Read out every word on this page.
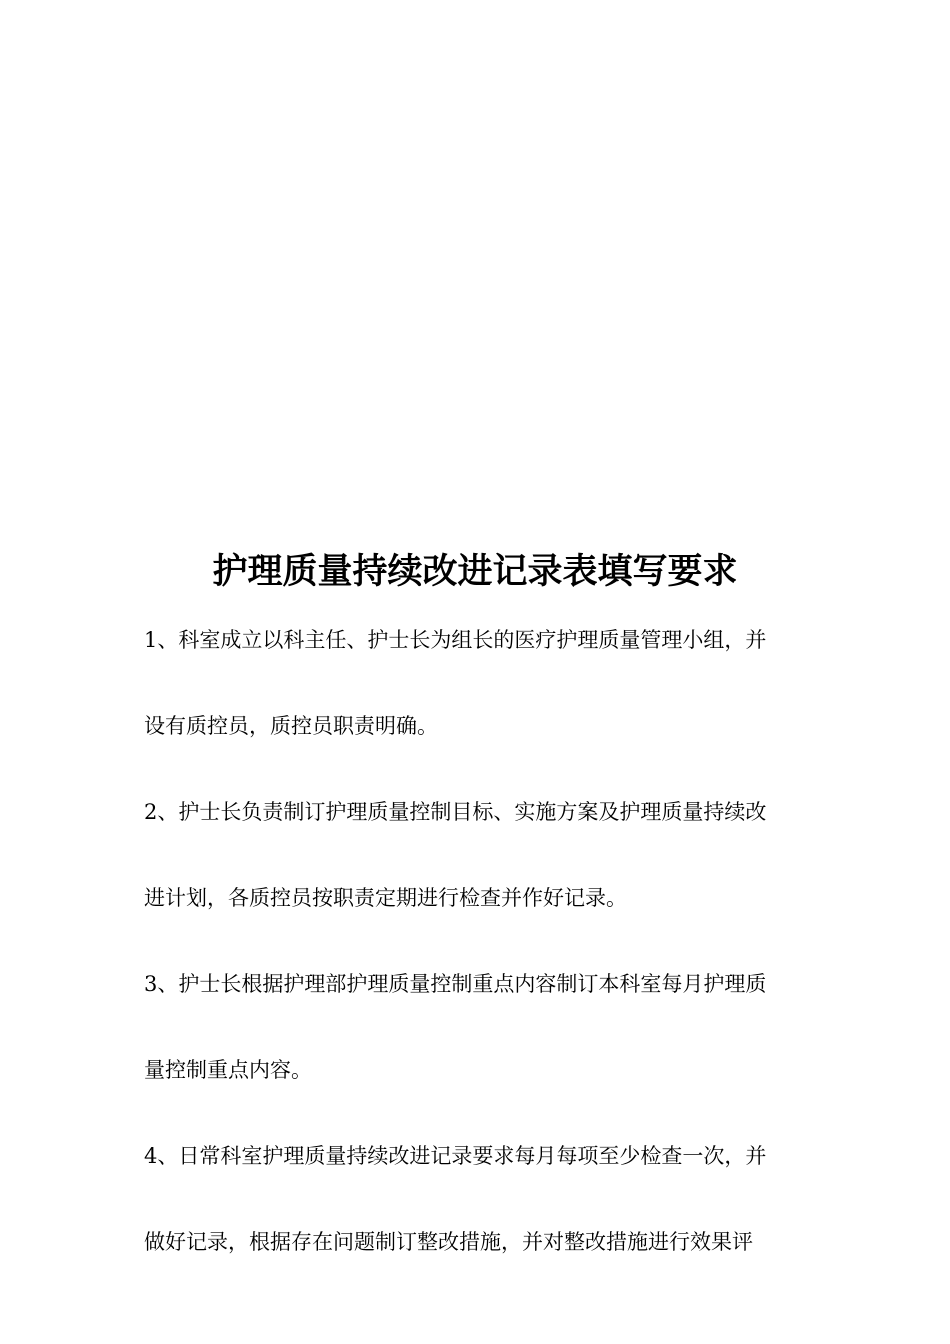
护理质量持续改进记录表填写要求
1、科室成立以科主任、护士长为组长的医疗护理质量管理小组，并
设有质控员，质控员职责明确。
2、护士长负责制订护理质量控制目标、实施方案及护理质量持续改
进计划，各质控员按职责定期进行检查并作好记录。
3、护士长根据护理部护理质量控制重点内容制订本科室每月护理质
量控制重点内容。
4、日常科室护理质量持续改进记录要求每月每项至少检查一次，并
做好记录，根据存在问题制订整改措施，并对整改措施进行效果评
